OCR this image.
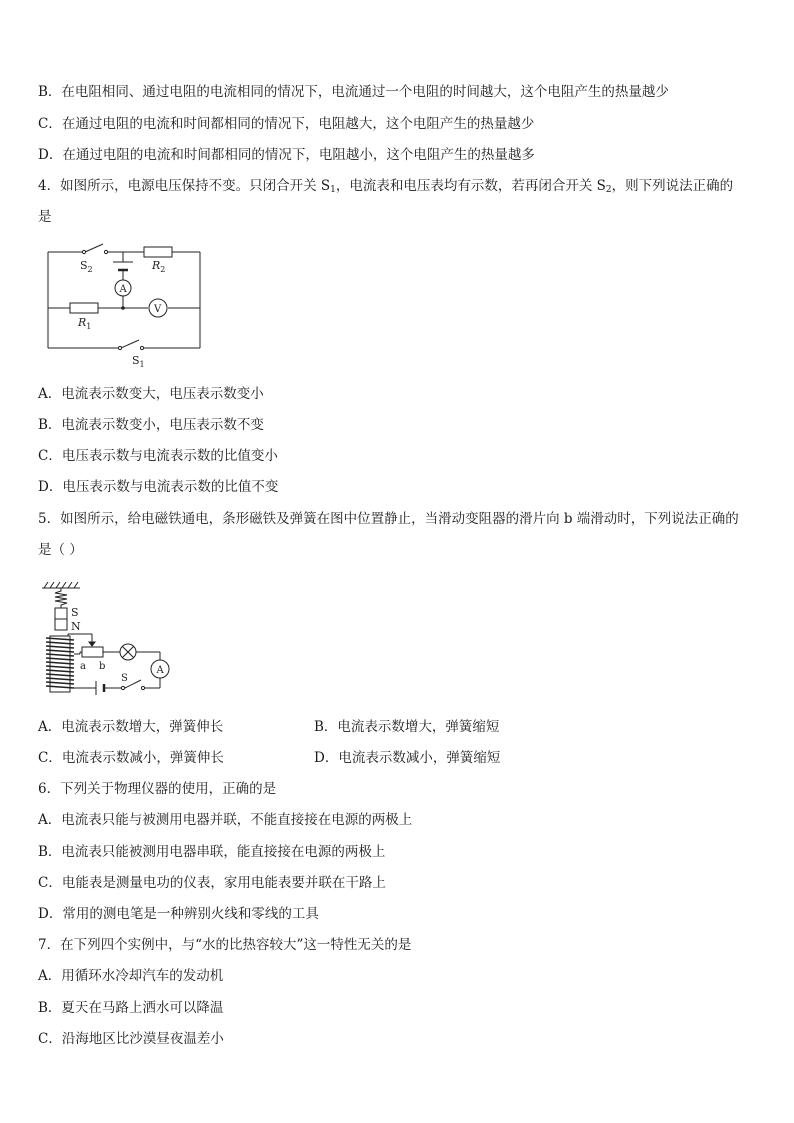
B．在电阻相同、通过电阻的电流相同的情况下，电流通过一个电阻的时间越大，这个电阻产生的热量越少
C．在通过电阻的电流和时间都相同的情况下，电阻越大，这个电阻产生的热量越少
D．在通过电阻的电流和时间都相同的情况下，电阻越小，这个电阻产生的热量越多
4．如图所示，电源电压保持不变。只闭合开关 $S_1$，电流表和电压表均有示数，若再闭合开关 $S_2$，则下列说法正确的
是
$S_2$	$R_2$
A
V
$R_1$
$S_1$
A．电流表示数变大，电压表示数变小
B．电流表示数变小，电压表示数不变
C．电压表示数与电流表示数的比值变小
D．电压表示数与电流表示数的比值不变
5．如图所示，给电磁铁通电，条形磁铁及弹簧在图中位置静止，当滑动变阻器的滑片向 b 端滑动时，下列说法正确的
是（ ）
S
N
a b
S
A
A．电流表示数增大，弹簧伸长	B．电流表示数增大，弹簧缩短
C．电流表示数减小，弹簧伸长	D．电流表示数减小，弹簧缩短
6．下列关于物理仪器的使用，正确的是
A．电流表只能与被测用电器并联，不能直接接在电源的两极上
B．电流表只能被测用电器串联，能直接接在电源的两极上
C．电能表是测量电功的仪表，家用电能表要并联在干路上
D．常用的测电笔是一种辨别火线和零线的工具
7．在下列四个实例中，与“水的比热容较大”这一特性无关的是
A．用循环水冷却汽车的发动机
B．夏天在马路上洒水可以降温
C．沿海地区比沙漠昼夜温差小
